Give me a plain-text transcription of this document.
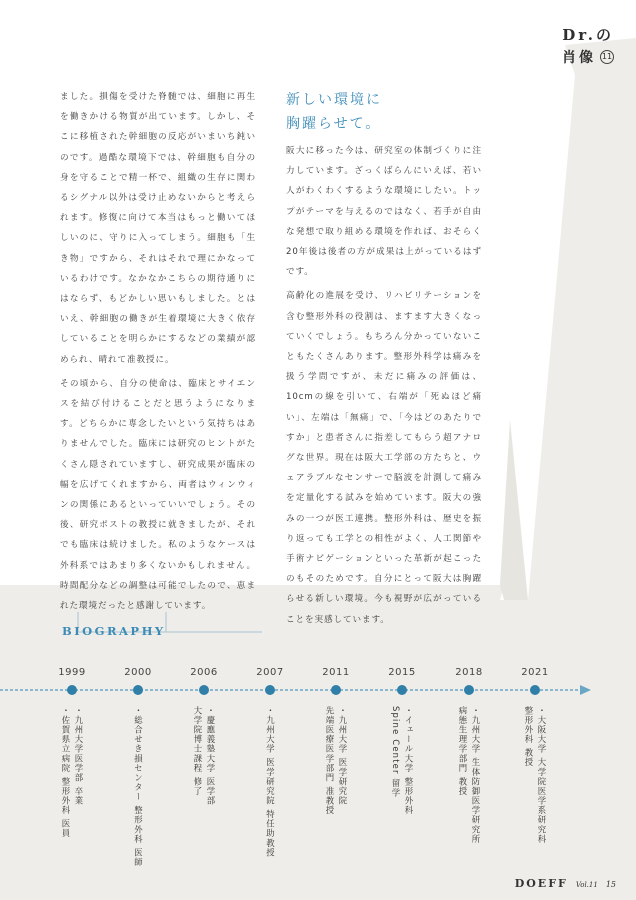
Dr.の
肖像 11

ました。損傷を受けた脊髄では、細胞に再生を働きかける物質が出ています。しかし、そこに移植された幹細胞の反応がいまいち鈍いのです。過酷な環境下では、幹細胞も自分の身を守ることで精一杯で、組織の生存に関わるシグナル以外は受け止めないからと考えられます。修復に向けて本当はもっと働いてほしいのに、守りに入ってしまう。細胞も「生き物」ですから、それはそれで理にかなっているわけです。なかなかこちらの期待通りにはならず、もどかしい思いもしました。とはいえ、幹細胞の働きが生着環境に大きく依存していることを明らかにするなどの業績が認められ、晴れて准教授に。

その頃から、自分の使命は、臨床とサイエンスを結び付けることだと思うようになります。どちらかに専念したいという気持ちはありませんでした。臨床には研究のヒントがたくさん隠されていますし、研究成果が臨床の幅を広げてくれますから、両者はウィンウィンの関係にあるといっていいでしょう。その後、研究ポストの教授に就きましたが、それでも臨床は続けました。私のようなケースは外科系ではあまり多くないかもしれません。時間配分などの調整は可能でしたので、恵まれた環境だったと感謝しています。

新しい環境に
胸躍らせて。

阪大に移った今は、研究室の体制づくりに注力しています。ざっくばらんにいえば、若い人がわくわくするような環境にしたい。トップがテーマを与えるのではなく、若手が自由な発想で取り組める環境を作れば、おそらく20年後は後者の方が成果は上がっているはずです。

高齢化の進展を受け、リハビリテーションを含む整形外科の役割は、ますます大きくなっていくでしょう。もちろん分かっていないこともたくさんあります。整形外科学は痛みを扱う学問ですが、未だに痛みの評価は、10cmの線を引いて、右端が「死ぬほど痛い」、左端は「無痛」で、「今はどのあたりですか」と患者さんに指差してもらう超アナログな世界。現在は阪大工学部の方たちと、ウェアラブルなセンサーで脳波を計測して痛みを定量化する試みを始めています。阪大の強みの一つが医工連携。整形外科は、歴史を振り返っても工学との相性がよく、人工関節や手術ナビゲーションといった革新が起こったのもそのためです。自分にとって阪大は胸躍らせる新しい環境。今も視野が広がっていることを実感しています。

BIOGRAPHY
1999
・九州大学医学部 卒業
・佐賀県立病院 整形外科 医員
2000
・総合せき損センター 整形外科 医師
2006
・慶應義塾大学 医学部
大学院博士課程 修了
2007
・九州大学 医学研究院 特任助教授
2011
・九州大学 医学研究院
先端医療医学部門 准教授
2015
・イェール大学 整形外科
Spine Center 留学
2018
・九州大学 生体防御医学研究所
病態生理学部門 教授
2021
・大阪大学 大学院医学系研究科
整形外科 教授
DOEFF Vol.11 15
